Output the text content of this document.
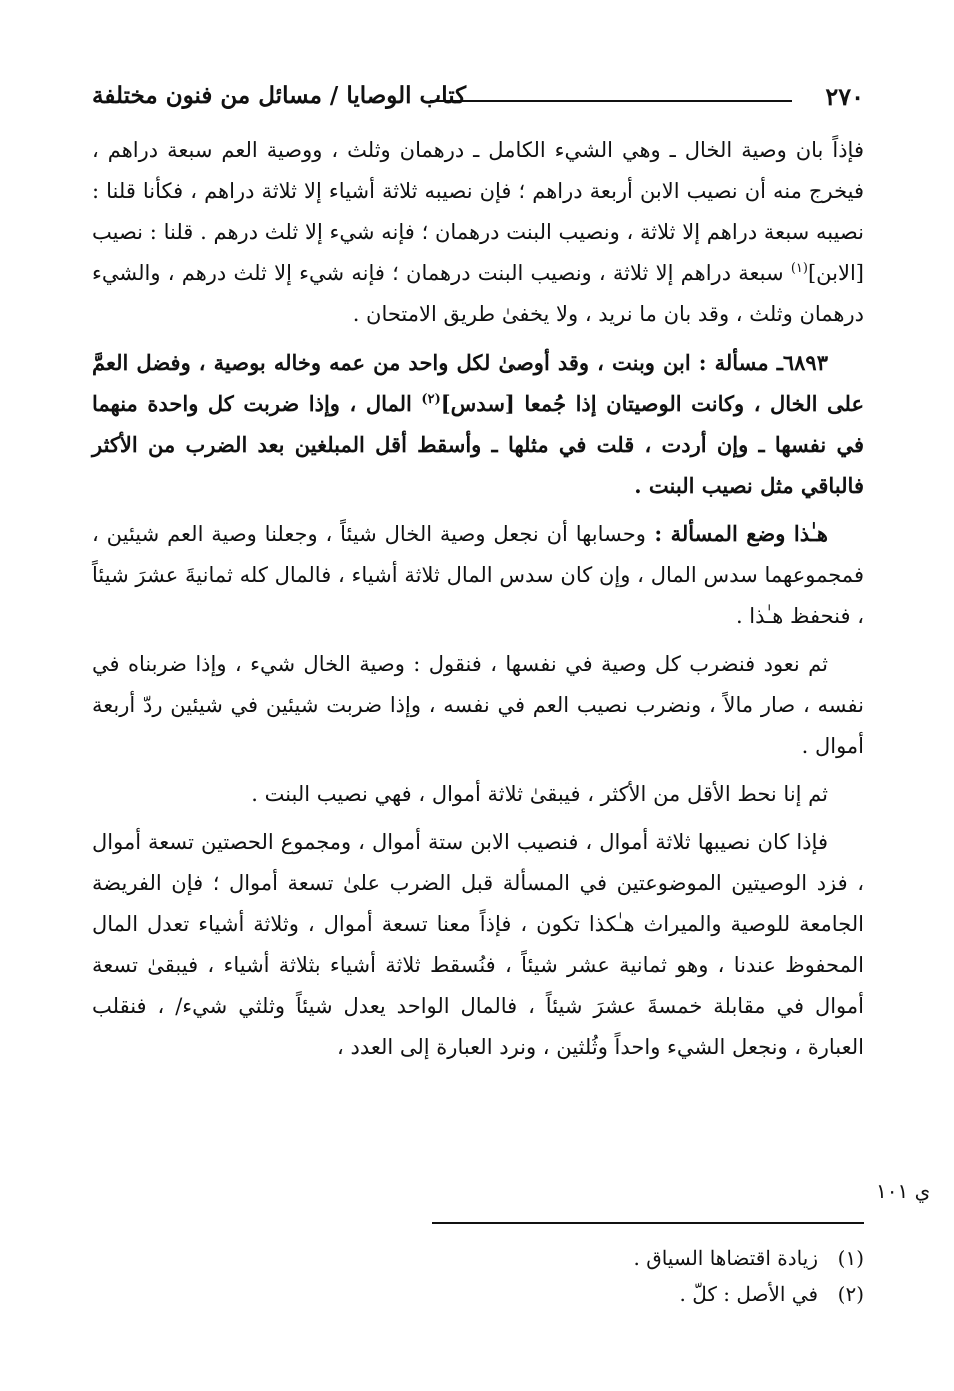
٢٧٠
كتاب الوصايا / مسائل من فنون مختلفة

فإذاً بان وصية الخال ـ وهي الشيء الكامل ـ درهمان وثلث ، ووصية العم سبعة دراهم ، فيخرج منه أن نصيب الابن أربعة دراهم ؛ فإن نصيبه ثلاثة أشياء إلا ثلاثة دراهم ، فكأنا قلنا : نصيبه سبعة دراهم إلا ثلاثة ، ونصيب البنت درهمان ؛ فإنه شيء إلا ثلث درهم . قلنا : نصيب [الابن]$^{(١)}$ سبعة دراهم إلا ثلاثة ، ونصيب البنت درهمان ؛ فإنه شيء إلا ثلث درهم ، والشيء درهمان وثلث ، وقد بان ما نريد ، ولا يخفىٰ طريق الامتحان .

٦٨٩٣ـ مسألة : ابن وبنت ، وقد أوصىٰ لكل واحد من عمه وخاله بوصية ، وفضل العمَّ على الخال ، وكانت الوصيتان إذا جُمعا [سدس]$^{(٢)}$ المال ، وإذا ضربت كل واحدة منهما في نفسها ـ وإن أردت ، قلت في مثلها ـ وأسقط أقل المبلغين بعد الضرب من الأكثر فالباقي مثل نصيب البنت .

هـٰذا وضع المسألة : وحسابها أن نجعل وصية الخال شيئاً ، وجعلنا وصية العم شيئين ، فمجموعهما سدس المال ، وإن كان سدس المال ثلاثة أشياء ، فالمال كله ثمانيةَ عشرَ شيئاً ، فنحفظ هـٰذا .

ثم نعود فنضرب كل وصية في نفسها ، فنقول : وصية الخال شيء ، وإذا ضربناه في نفسه ، صار مالاً ، ونضرب نصيب العم في نفسه ، وإذا ضربت شيئين في شيئين ردّ أربعة أموال .

ثم إنا نحط الأقل من الأكثر ، فيبقىٰ ثلاثة أموال ، فهي نصيب البنت .

فإذا كان نصيبها ثلاثة أموال ، فنصيب الابن ستة أموال ، ومجموع الحصتين تسعة أموال ، فزد الوصيتين الموضوعتين في المسألة قبل الضرب علىٰ تسعة أموال ؛ فإن الفريضة الجامعة للوصية والميراث هـٰكذا تكون ، فإذاً معنا تسعة أموال ، وثلاثة أشياء تعدل المال المحفوظ عندنا ، وهو ثمانية عشر شيئاً ، فنُسقط ثلاثة أشياء بثلاثة أشياء ، فيبقىٰ تسعة أموال في مقابلة خمسةَ عشرَ شيئاً ، فالمال الواحد يعدل شيئاً وثلثي شيء/ ، فنقلب العبارة ، ونجعل الشيء واحداً وثُلثين ، ونرد العبارة إلى العدد ،

ي ١٠١
(١)زيادة اقتضاها السياق .
(٢)في الأصل : كلّ .
